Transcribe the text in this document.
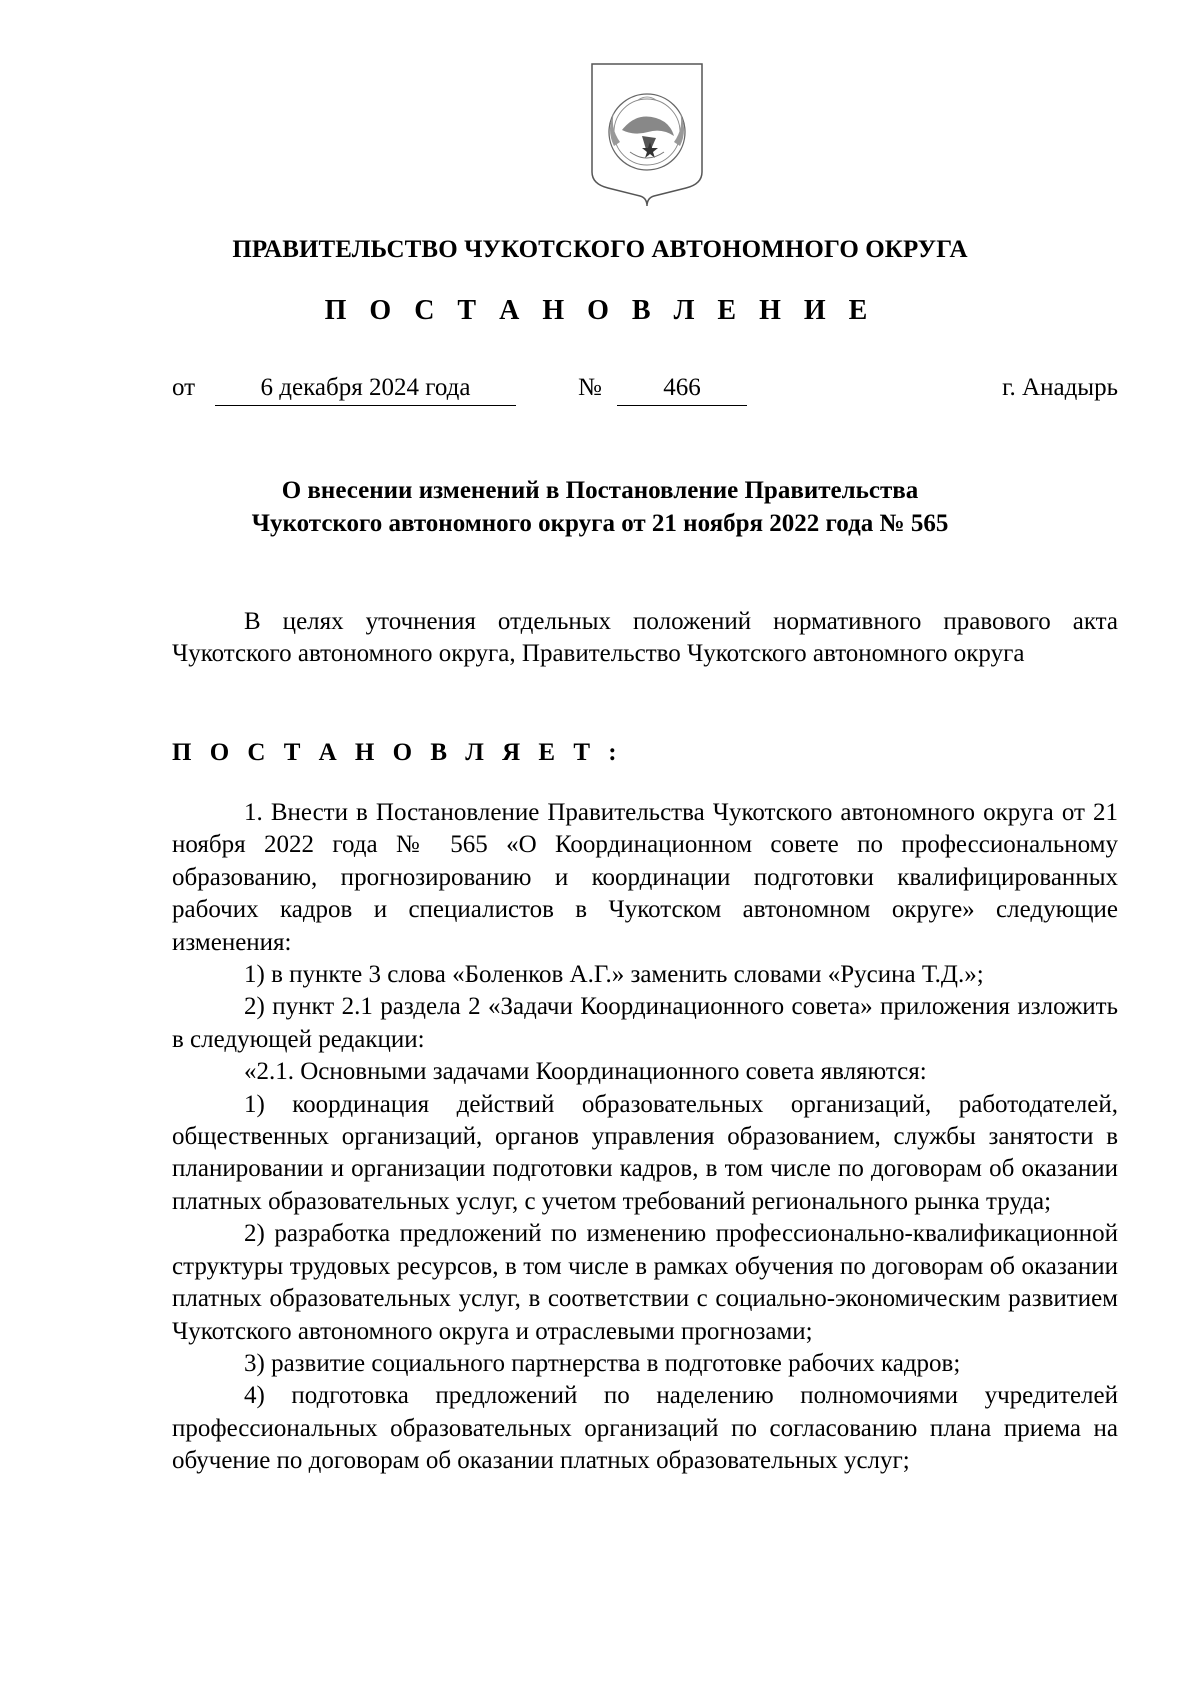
ПРАВИТЕЛЬСТВО ЧУКОТСКОГО АВТОНОМНОГО ОКРУГА
П О С Т А Н О В Л Е Н И Е
от	6 декабря 2024 года	№	466	г. Анадырь
О внесении изменений в Постановление Правительства
Чукотского автономного округа от 21 ноября 2022 года № 565

В целях уточнения отдельных положений нормативного правового акта Чукотского автономного округа, Правительство Чукотского автономного округа

П О С Т А Н О В Л Я Е Т :

1. Внести в Постановление Правительства Чукотского автономного округа от 21 ноября 2022 года № 565 «О Координационном совете по профессиональному образованию, прогнозированию и координации подготовки квалифицированных рабочих кадров и специалистов в Чукотском автономном округе» следующие изменения:

1) в пункте 3 слова «Боленков А.Г.» заменить словами «Русина Т.Д.»;

2) пункт 2.1 раздела 2 «Задачи Координационного совета» приложения изложить в следующей редакции:

«2.1. Основными задачами Координационного совета являются:

1) координация действий образовательных организаций, работодателей, общественных организаций, органов управления образованием, службы занятости в планировании и организации подготовки кадров, в том числе по договорам об оказании платных образовательных услуг, с учетом требований регионального рынка труда;

2) разработка предложений по изменению профессионально-квалификационной структуры трудовых ресурсов, в том числе в рамках обучения по договорам об оказании платных образовательных услуг, в соответствии с социально-экономическим развитием Чукотского автономного округа и отраслевыми прогнозами;

3) развитие социального партнерства в подготовке рабочих кадров;

4) подготовка предложений по наделению полномочиями учредителей профессиональных образовательных организаций по согласованию плана приема на обучение по договорам об оказании платных образовательных услуг;
